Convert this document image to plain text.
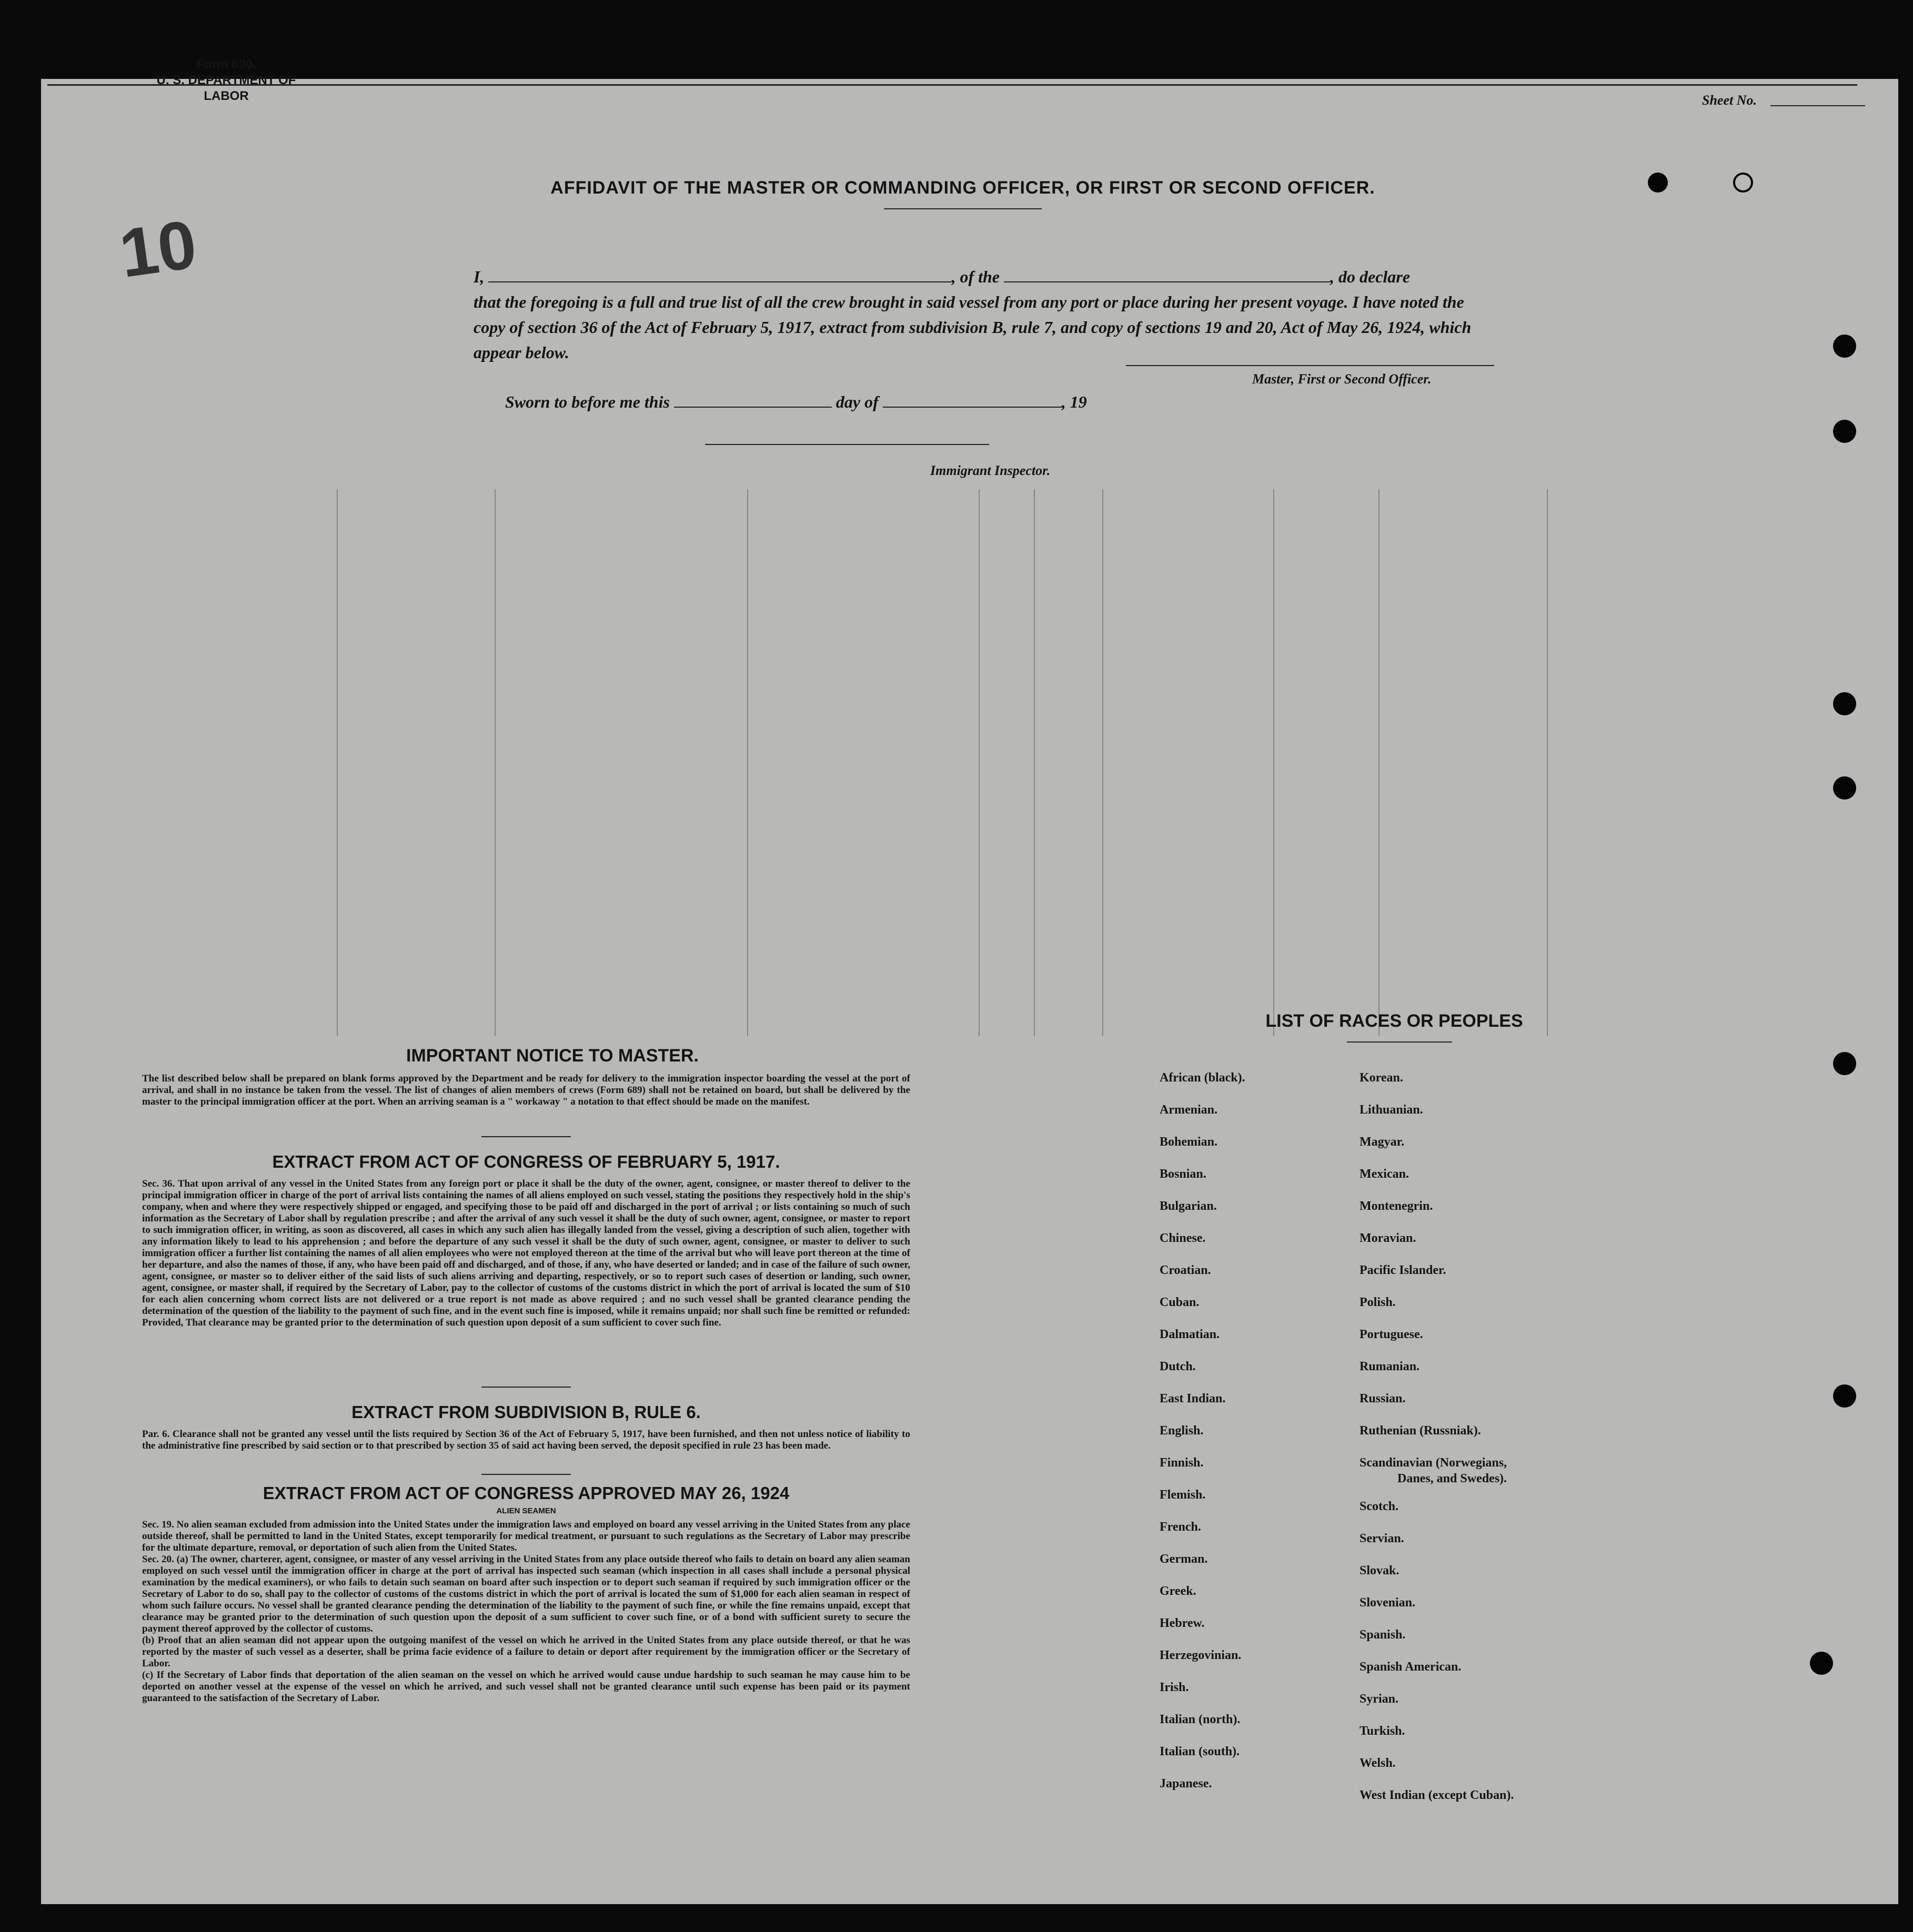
Form 690.
U. S. DEPARTMENT OF LABOR	Sheet No.

10
AFFIDAVIT OF THE MASTER OR COMMANDING OFFICER, OR FIRST OR SECOND OFFICER.
I,	, of the	, do declare
that the foregoing is a full and true list of all the crew brought in said vessel from any port or place during her present voyage. I have noted the copy of section 36 of the Act of February 5, 1917, extract from subdivision B, rule 7, and copy of sections 19 and 20, Act of May 26, 1924, which appear below.
Master, First or Second Officer.
Sworn to before me this	day of	, 19
Immigrant Inspector.
IMPORTANT NOTICE TO MASTER.
The list described below shall be prepared on blank forms approved by the Department and be ready for delivery to the immigration inspector boarding the vessel at the port of arrival, and shall in no instance be taken from the vessel. The list of changes of alien members of crews (Form 689) shall not be retained on board, but shall be delivered by the master to the principal immigration officer at the port. When an arriving seaman is a " workaway " a notation to that effect should be made on the manifest.
EXTRACT FROM ACT OF CONGRESS OF FEBRUARY 5, 1917.
Sec. 36. That upon arrival of any vessel in the United States from any foreign port or place it shall be the duty of the owner, agent, consignee, or master thereof to deliver to the principal immigration officer in charge of the port of arrival lists containing the names of all aliens employed on such vessel, stating the positions they respectively hold in the ship's company, when and where they were respectively shipped or engaged, and specifying those to be paid off and discharged in the port of arrival ; or lists containing so much of such information as the Secretary of Labor shall by regulation prescribe ; and after the arrival of any such vessel it shall be the duty of such owner, agent, consignee, or master to report to such immigration officer, in writing, as soon as discovered, all cases in which any such alien has illegally landed from the vessel, giving a description of such alien, together with any information likely to lead to his apprehension ; and before the departure of any such vessel it shall be the duty of such owner, agent, consignee, or master to deliver to such immigration officer a further list containing the names of all alien employees who were not employed thereon at the time of the arrival but who will leave port thereon at the time of her departure, and also the names of those, if any, who have been paid off and discharged, and of those, if any, who have deserted or landed; and in case of the failure of such owner, agent, consignee, or master so to deliver either of the said lists of such aliens arriving and departing, respectively, or so to report such cases of desertion or landing, such owner, agent, consignee, or master shall, if required by the Secretary of Labor, pay to the collector of customs of the customs district in which the port of arrival is located the sum of $10 for each alien concerning whom correct lists are not delivered or a true report is not made as above required ; and no such vessel shall be granted clearance pending the determination of the question of the liability to the payment of such fine, and in the event such fine is imposed, while it remains unpaid; nor shall such fine be remitted or refunded: Provided, That clearance may be granted prior to the determination of such question upon deposit of a sum sufficient to cover such fine.
EXTRACT FROM SUBDIVISION B, RULE 6.
Par. 6. Clearance shall not be granted any vessel until the lists required by Section 36 of the Act of February 5, 1917, have been furnished, and then not unless notice of liability to the administrative fine prescribed by said section or to that prescribed by section 35 of said act having been served, the deposit specified in rule 23 has been made.
EXTRACT FROM ACT OF CONGRESS APPROVED MAY 26, 1924
ALIEN SEAMEN
Sec. 19. No alien seaman excluded from admission into the United States under the immigration laws and employed on board any vessel arriving in the United States from any place outside thereof, shall be permitted to land in the United States, except temporarily for medical treatment, or pursuant to such regulations as the Secretary of Labor may prescribe for the ultimate departure, removal, or deportation of such alien from the United States.
Sec. 20. (a) The owner, charterer, agent, consignee, or master of any vessel arriving in the United States from any place outside thereof who fails to detain on board any alien seaman employed on such vessel until the immigration officer in charge at the port of arrival has inspected such seaman (which inspection in all cases shall include a personal physical examination by the medical examiners), or who fails to detain such seaman on board after such inspection or to deport such seaman if required by such immigration officer or the Secretary of Labor to do so, shall pay to the collector of customs of the customs district in which the port of arrival is located the sum of $1,000 for each alien seaman in respect of whom such failure occurs. No vessel shall be granted clearance pending the determination of the liability to the payment of such fine, or while the fine remains unpaid, except that clearance may be granted prior to the determination of such question upon the deposit of a sum sufficient to cover such fine, or of a bond with sufficient surety to secure the payment thereof approved by the collector of customs.
(b) Proof that an alien seaman did not appear upon the outgoing manifest of the vessel on which he arrived in the United States from any place outside thereof, or that he was reported by the master of such vessel as a deserter, shall be prima facie evidence of a failure to detain or deport after requirement by the immigration officer or the Secretary of Labor.
(c) If the Secretary of Labor finds that deportation of the alien seaman on the vessel on which he arrived would cause undue hardship to such seaman he may cause him to be deported on another vessel at the expense of the vessel on which he arrived, and such vessel shall not be granted clearance until such expense has been paid or its payment guaranteed to the satisfaction of the Secretary of Labor.
LIST OF RACES OR PEOPLES
African (black).
Armenian.
Bohemian.
Bosnian.
Bulgarian.
Chinese.
Croatian.
Cuban.
Dalmatian.
Dutch.
East Indian.
English.
Finnish.
Flemish.
French.
German.
Greek.
Hebrew.
Herzegovinian.
Irish.
Italian (north).
Italian (south).
Japanese.
Korean.
Lithuanian.
Magyar.
Mexican.
Montenegrin.
Moravian.
Pacific Islander.
Polish.
Portuguese.
Rumanian.
Russian.
Ruthenian (Russniak).
Scandinavian (Norwegians,
Danes, and Swedes).
Scotch.
Servian.
Slovak.
Slovenian.
Spanish.
Spanish American.
Syrian.
Turkish.
Welsh.
West Indian (except Cuban).
